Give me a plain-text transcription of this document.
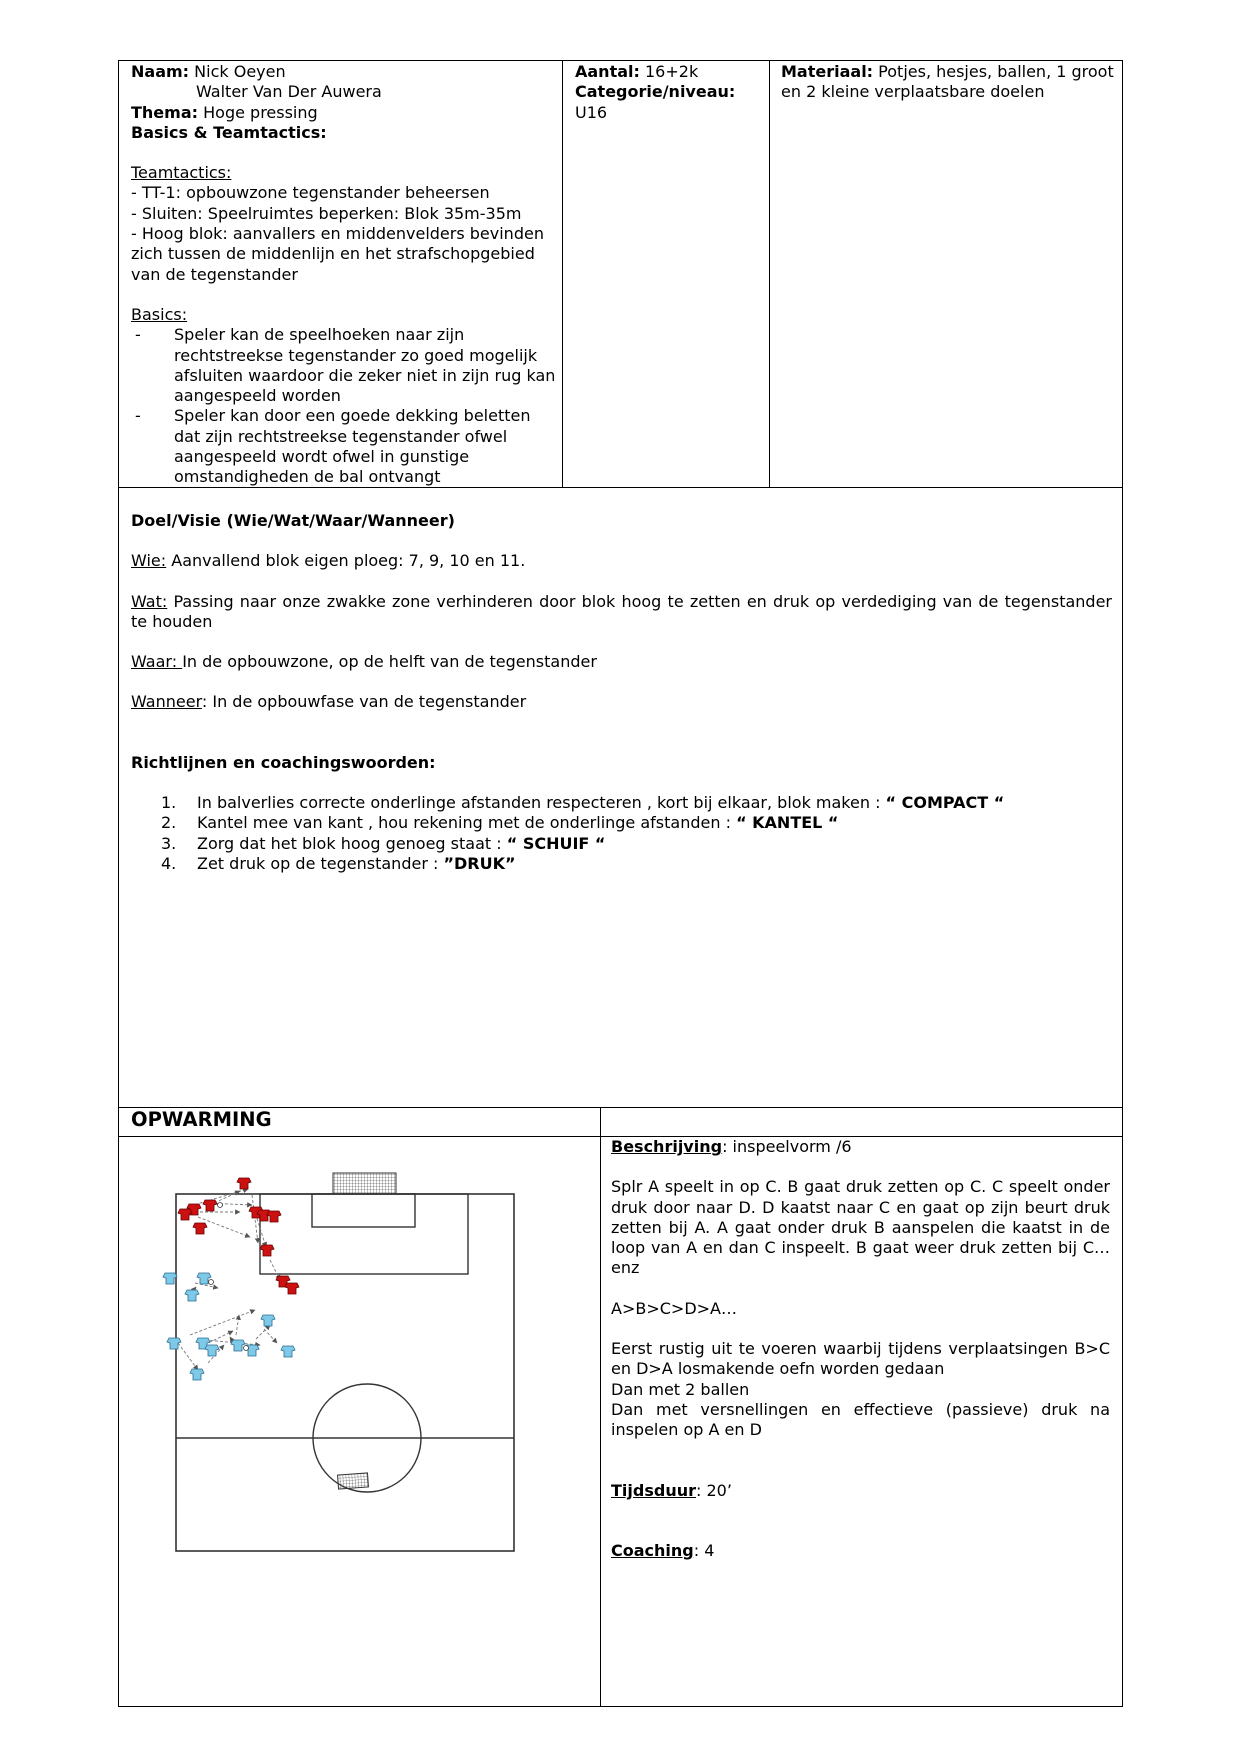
Naam: Nick Oeyen

Walter Van Der Auwera

Thema: Hoge pressing

Basics & Teamtactics:

Teamtactics:

- TT-1: opbouwzone tegenstander beheersen

- Sluiten: Speelruimtes beperken: Blok 35m-35m

- Hoog blok: aanvallers en middenvelders bevinden zich tussen de middenlijn en het strafschopgebied van de tegenstander

Basics:

- Speler kan de speelhoeken naar zijn rechtstreekse tegenstander zo goed mogelijk afsluiten waardoor die zeker niet in zijn rug kan aangespeeld worden
- Speler kan door een goede dekking beletten dat zijn rechtstreekse tegenstander ofwel aangespeeld wordt ofwel in gunstige omstandigheden de bal ontvangt

Aantal: 16+2k

Categorie/niveau:

U16

Materiaal: Potjes, hesjes, ballen, 1 groot en 2 kleine verplaatsbare doelen

Doel/Visie (Wie/Wat/Waar/Wanneer)

Wie: Aanvallend blok eigen ploeg: 7, 9, 10 en 11.

Wat: Passing naar onze zwakke zone verhinderen door blok hoog te zetten en druk op verdediging van de tegenstander te houden

Waar: In de opbouwzone, op de helft van de tegenstander

Wanneer: In de opbouwfase van de tegenstander

Richtlijnen en coachingswoorden:

1. In balverlies correcte onderlinge afstanden respecteren , kort bij elkaar, blok maken : “ COMPACT “
2. Kantel mee van kant , hou rekening met de onderlinge afstanden : “ KANTEL “
3. Zorg dat het blok hoog genoeg staat : “ SCHUIF “
4. Zet druk op de tegenstander : ”DRUK”
OPWARMING

Beschrijving: inspeelvorm /6

Splr A speelt in op C. B gaat druk zetten op C. C speelt onder druk door naar D. D kaatst naar C en gaat op zijn beurt druk zetten bij A. A gaat onder druk B aanspelen die kaatst in de loop van A en dan C inspeelt. B gaat weer druk zetten bij C…enz

A>B>C>D>A…

Eerst rustig uit te voeren waarbij tijdens verplaatsingen B>C en D>A losmakende oefn worden gedaan

Dan met 2 ballen

Dan met versnellingen en effectieve (passieve) druk na inspelen op A en D

Tijdsduur: 20’

Coaching: 4
